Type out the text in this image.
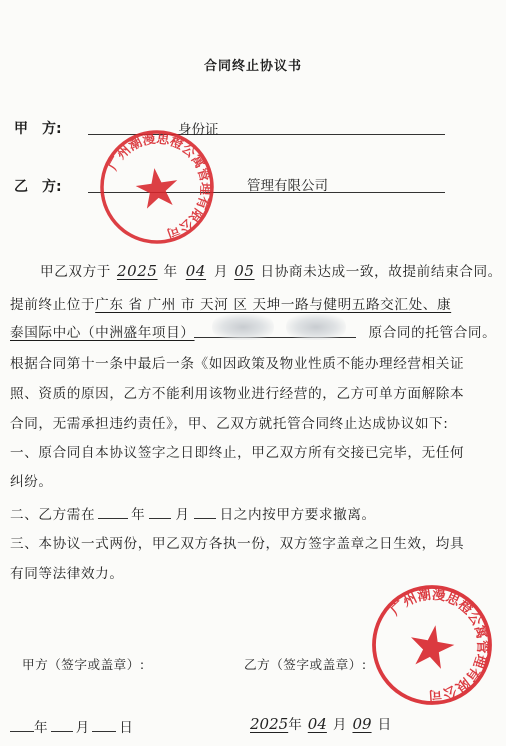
合同终止协议书
甲　方:	身份证
乙　方:	管理有限公司
广州潮漫思橙公寓管理有限公司
甲乙双方于 2025 年 04 月 05 日协商未达成一致，故提前结束合同。
提前终止位于广东 省 广州 市 天河 区 天坤一路与健明五路交汇处、康
泰国际中心（中洲盛年项目）	原合同的托管合同。
根据合同第十一条中最后一条《如因政策及物业性质不能办理经营相关证
照、资质的原因，乙方不能利用该物业进行经营的，乙方可单方面解除本
合同，无需承担违约责任》，甲、乙双方就托管合同终止达成协议如下:
一、原合同自本协议签字之日即终止，甲乙双方所有交接已完毕，无任何
纠纷。
二、乙方需在	年 月 日之内按甲方要求撤离。
三、本协议一式两份，甲乙双方各执一份，双方签字盖章之日生效，均具
有同等法律效力。
广州潮漫思橙公寓管理有限公司
甲方（签字或盖章）:	乙方（签字或盖章）:
年 月 日	2025年 04 月 09 日
